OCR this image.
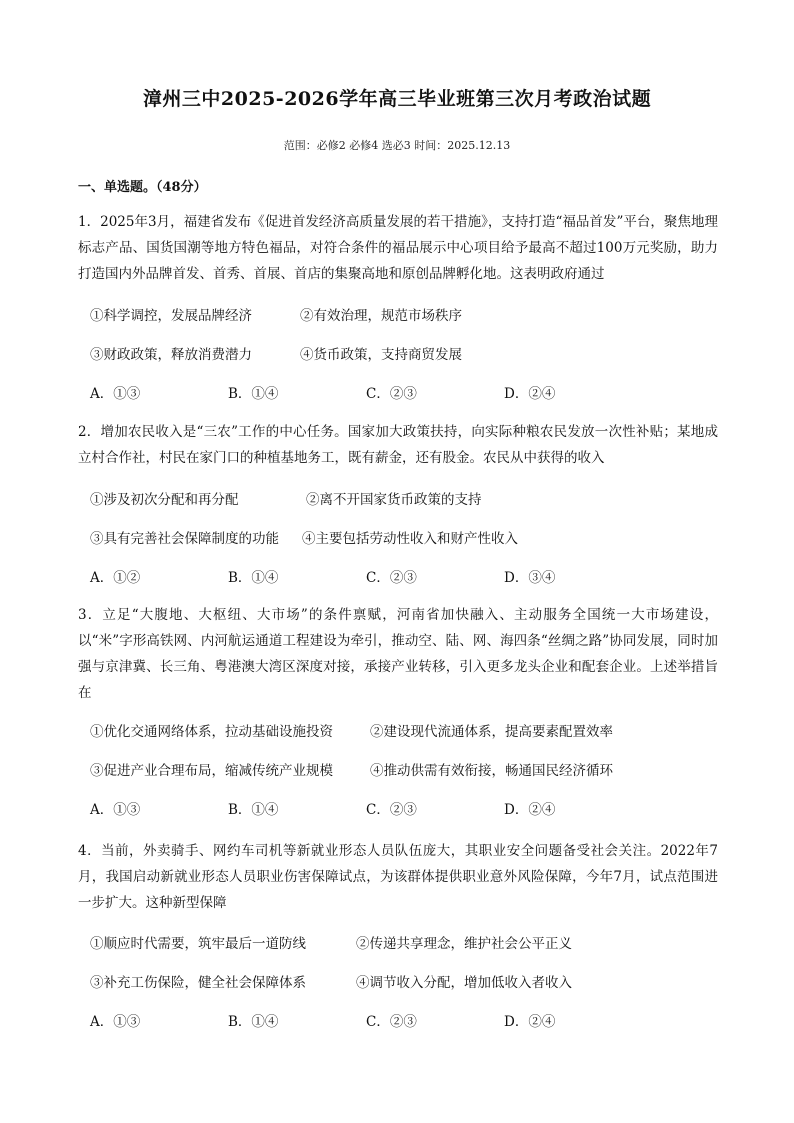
漳州三中2025-2026学年高三毕业班第三次月考政治试题
范围：必修2 必修4 选必3 时间：2025.12.13
一、单选题。（48分）
1．2025年3月，福建省发布《促进首发经济高质量发展的若干措施》，支持打造“福品首发”平台，聚焦地理标志产品、国货国潮等地方特色福品，对符合条件的福品展示中心项目给予最高不超过100万元奖励，助力打造国内外品牌首发、首秀、首展、首店的集聚高地和原创品牌孵化地。这表明政府通过
①科学调控，发展品牌经济	②有效治理，规范市场秩序
③财政政策，释放消费潜力	④货币政策，支持商贸发展
A．①③	B．①④	C．②③	D．②④
2．增加农民收入是“三农”工作的中心任务。国家加大政策扶持，向实际种粮农民发放一次性补贴；某地成立村合作社，村民在家门口的种植基地务工，既有薪金，还有股金。农民从中获得的收入
①涉及初次分配和再分配	②离不开国家货币政策的支持
③具有完善社会保障制度的功能 ④主要包括劳动性收入和财产性收入
A．①②	B．①④	C．②③	D．③④
3．立足“大腹地、大枢纽、大市场”的条件禀赋，河南省加快融入、主动服务全国统一大市场建设，以“米”字形高铁网、内河航运通道工程建设为牵引，推动空、陆、网、海四条“丝绸之路”协同发展，同时加强与京津冀、长三角、粤港澳大湾区深度对接，承接产业转移，引入更多龙头企业和配套企业。上述举措旨在
①优化交通网络体系，拉动基础设施投资	②建设现代流通体系，提高要素配置效率
③促进产业合理布局，缩减传统产业规模	④推动供需有效衔接，畅通国民经济循环
A．①③	B．①④	C．②③	D．②④
4．当前，外卖骑手、网约车司机等新就业形态人员队伍庞大，其职业安全问题备受社会关注。2022年7月，我国启动新就业形态人员职业伤害保障试点，为该群体提供职业意外风险保障，今年7月，试点范围进一步扩大。这种新型保障
①顺应时代需要，筑牢最后一道防线	②传递共享理念，维护社会公平正义
③补充工伤保险，健全社会保障体系	④调节收入分配，增加低收入者收入
A．①③	B．①④	C．②③	D．②④
